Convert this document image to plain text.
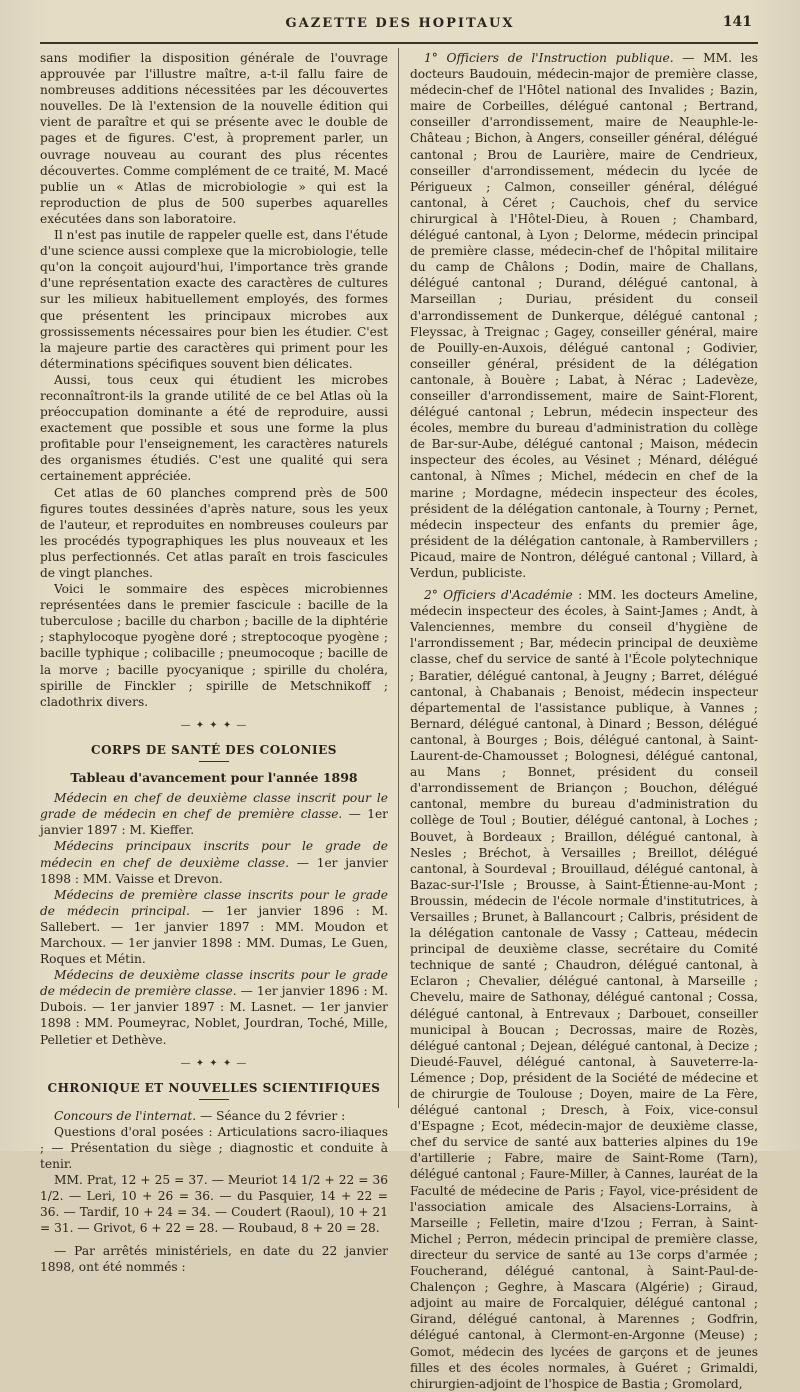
GAZETTE DES HOPITAUX	141

sans modifier la disposition générale de l'ouvrage approuvée par l'illustre maître, a-t-il fallu faire de nombreuses additions nécessitées par les découvertes nouvelles. De là l'extension de la nouvelle édition qui vient de paraître et qui se présente avec le double de pages et de figures. C'est, à proprement parler, un ouvrage nouveau au courant des plus récentes découvertes. Comme complément de ce traité, M. Macé publie un « Atlas de microbiologie » qui est la reproduction de plus de 500 superbes aquarelles exécutées dans son laboratoire.

Il n'est pas inutile de rappeler quelle est, dans l'étude d'une science aussi complexe que la microbiologie, telle qu'on la conçoit aujourd'hui, l'importance très grande d'une représentation exacte des caractères de cultures sur les milieux habituellement employés, des formes que présentent les principaux microbes aux grossissements nécessaires pour bien les étudier. C'est la majeure partie des caractères qui priment pour les déterminations spécifiques souvent bien délicates.

Aussi, tous ceux qui étudient les microbes reconnaîtront-ils la grande utilité de ce bel Atlas où la préoccupation dominante a été de reproduire, aussi exactement que possible et sous une forme la plus profitable pour l'enseignement, les caractères naturels des organismes étudiés. C'est une qualité qui sera certainement appréciée.

Cet atlas de 60 planches comprend près de 500 figures toutes dessinées d'après nature, sous les yeux de l'auteur, et reproduites en nombreuses couleurs par les procédés typographiques les plus nouveaux et les plus perfectionnés. Cet atlas paraît en trois fascicules de vingt planches.

Voici le sommaire des espèces microbiennes représentées dans le premier fascicule : bacille de la tuberculose ; bacille du charbon ; bacille de la diphtérie ; staphylocoque pyogène doré ; streptocoque pyogène ; bacille typhique ; colibacille ; pneumocoque ; bacille de la morve ; bacille pyocyanique ; spirille du choléra, spirille de Finckler ; spirille de Metschnikoff ; cladothrix divers.

— ✦ ✦ ✦ —
CORPS DE SANTÉ DES COLONIES
Tableau d'avancement pour l'année 1898

Médecin en chef de deuxième classe inscrit pour le grade de médecin en chef de première classe. — 1er janvier 1897 : M. Kieffer.

Médecins principaux inscrits pour le grade de médecin en chef de deuxième classe. — 1er janvier 1898 : MM. Vaisse et Drevon.

Médecins de première classe inscrits pour le grade de médecin principal. — 1er janvier 1896 : M. Sallebert. — 1er janvier 1897 : MM. Moudon et Marchoux. — 1er janvier 1898 : MM. Dumas, Le Guen, Roques et Métin.

Médecins de deuxième classe inscrits pour le grade de médecin de première classe. — 1er janvier 1896 : M. Dubois. — 1er janvier 1897 : M. Lasnet. — 1er janvier 1898 : MM. Poumeyrac, Noblet, Jourdran, Toché, Mille, Pelletier et Dethève.

— ✦ ✦ ✦ —
CHRONIQUE ET NOUVELLES SCIENTIFIQUES

Concours de l'internat. — Séance du 2 février :

Questions d'oral posées : Articulations sacro-iliaques ; — Présentation du siège ; diagnostic et conduite à tenir.

MM. Prat, 12 + 25 = 37. — Meuriot 14 1/2 + 22 = 36 1/2. — Leri, 10 + 26 = 36. — du Pasquier, 14 + 22 = 36. — Tardif, 10 + 24 = 34. — Coudert (Raoul), 10 + 21 = 31. — Grivot, 6 + 22 = 28. — Roubaud, 8 + 20 = 28.

— Par arrêtés ministériels, en date du 22 janvier 1898, ont été nommés :

1° Officiers de l'Instruction publique. — MM. les docteurs Baudouin, médecin-major de première classe, médecin-chef de l'Hôtel national des Invalides ; Bazin, maire de Corbeilles, délégué cantonal ; Bertrand, conseiller d'arrondissement, maire de Neauphle-le-Château ; Bichon, à Angers, conseiller général, délégué cantonal ; Brou de Laurière, maire de Cendrieux, conseiller d'arrondissement, médecin du lycée de Périgueux ; Calmon, conseiller général, délégué cantonal, à Céret ; Cauchois, chef du service chirurgical à l'Hôtel-Dieu, à Rouen ; Chambard, délégué cantonal, à Lyon ; Delorme, médecin principal de première classe, médecin-chef de l'hôpital militaire du camp de Châlons ; Dodin, maire de Challans, délégué cantonal ; Durand, délégué cantonal, à Marseillan ; Duriau, président du conseil d'arrondissement de Dunkerque, délégué cantonal ; Fleyssac, à Treignac ; Gagey, conseiller général, maire de Pouilly-en-Auxois, délégué cantonal ; Godivier, conseiller général, président de la délégation cantonale, à Bouère ; Labat, à Nérac ; Ladevèze, conseiller d'arrondissement, maire de Saint-Florent, délégué cantonal ; Lebrun, médecin inspecteur des écoles, membre du bureau d'administration du collège de Bar-sur-Aube, délégué cantonal ; Maison, médecin inspecteur des écoles, au Vésinet ; Ménard, délégué cantonal, à Nîmes ; Michel, médecin en chef de la marine ; Mordagne, médecin inspecteur des écoles, président de la délégation cantonale, à Tourny ; Pernet, médecin inspecteur des enfants du premier âge, président de la délégation cantonale, à Rambervillers ; Picaud, maire de Nontron, délégué cantonal ; Villard, à Verdun, publiciste.

2° Officiers d'Académie : MM. les docteurs Ameline, médecin inspecteur des écoles, à Saint-James ; Andt, à Valenciennes, membre du conseil d'hygiène de l'arrondissement ; Bar, médecin principal de deuxième classe, chef du service de santé à l'École polytechnique ; Baratier, délégué cantonal, à Jeugny ; Barret, délégué cantonal, à Chabanais ; Benoist, médecin inspecteur départemental de l'assistance publique, à Vannes ; Bernard, délégué cantonal, à Dinard ; Besson, délégué cantonal, à Bourges ; Bois, délégué cantonal, à Saint-Laurent-de-Chamousset ; Bolognesi, délégué cantonal, au Mans ; Bonnet, président du conseil d'arrondissement de Briançon ; Bouchon, délégué cantonal, membre du bureau d'administration du collège de Toul ; Boutier, délégué cantonal, à Loches ; Bouvet, à Bordeaux ; Braillon, délégué cantonal, à Nesles ; Bréchot, à Versailles ; Breillot, délégué cantonal, à Sourdeval ; Brouillaud, délégué cantonal, à Bazac-sur-l'Isle ; Brousse, à Saint-Étienne-au-Mont ; Broussin, médecin de l'école normale d'institutrices, à Versailles ; Brunet, à Ballancourt ; Calbris, président de la délégation cantonale de Vassy ; Catteau, médecin principal de deuxième classe, secrétaire du Comité technique de santé ; Chaudron, délégué cantonal, à Eclaron ; Chevalier, délégué cantonal, à Marseille ; Chevelu, maire de Sathonay, délégué cantonal ; Cossa, délégué cantonal, à Entrevaux ; Darbouet, conseiller municipal à Boucan ; Decrossas, maire de Rozès, délégué cantonal ; Dejean, délégué cantonal, à Decize ; Dieudé-Fauvel, délégué cantonal, à Sauveterre-la-Lémence ; Dop, président de la Société de médecine et de chirurgie de Toulouse ; Doyen, maire de La Fère, délégué cantonal ; Dresch, à Foix, vice-consul d'Espagne ; Ecot, médecin-major de deuxième classe, chef du service de santé aux batteries alpines du 19e d'artillerie ; Fabre, maire de Saint-Rome (Tarn), délégué cantonal ; Faure-Miller, à Cannes, lauréat de la Faculté de médecine de Paris ; Fayol, vice-président de l'association amicale des Alsaciens-Lorrains, à Marseille ; Felletin, maire d'Izou ; Ferran, à Saint-Michel ; Perron, médecin principal de première classe, directeur du service de santé au 13e corps d'armée ; Foucherand, délégué cantonal, à Saint-Paul-de-Chalençon ; Geghre, à Mascara (Algérie) ; Giraud, adjoint au maire de Forcalquier, délégué cantonal ; Girand, délégué cantonal, à Marennes ; Godfrin, délégué cantonal, à Clermont-en-Argonne (Meuse) ; Gomot, médecin des lycées de garçons et de jeunes filles et des écoles normales, à Guéret ; Grimaldi, chirurgien-adjoint de l'hospice de Bastia ; Gromolard,
